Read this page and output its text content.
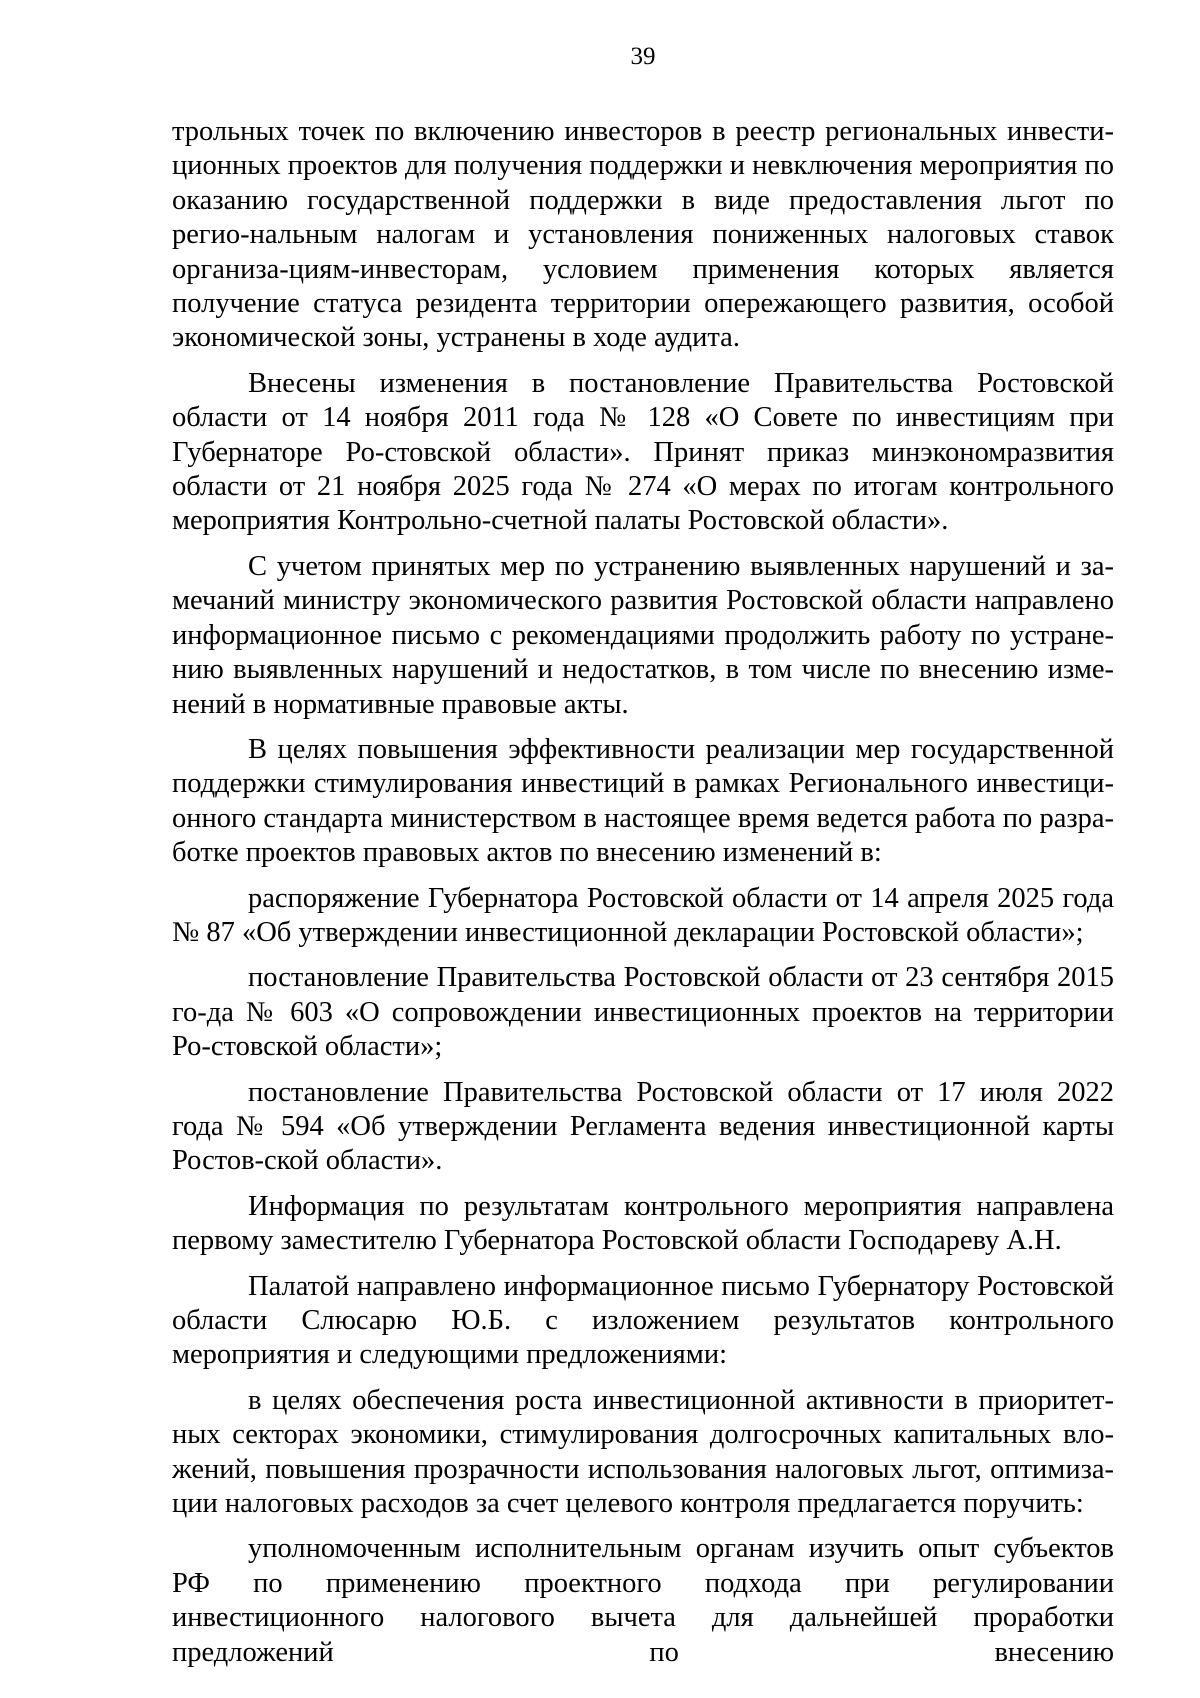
39

трольных точек по включению инвесторов в реестр региональных инвести-ционных проектов для получения поддержки и невключения мероприятия по оказанию государственной поддержки в виде предоставления льгот по регио-нальным налогам и установления пониженных налоговых ставок организа-циям-инвесторам, условием применения которых является получение статуса резидента территории опережающего развития, особой экономической зоны, устранены в ходе аудита.

Внесены изменения в постановление Правительства Ростовской области от 14 ноября 2011 года № 128 «О Совете по инвестициям при Губернаторе Ро-стовской области». Принят приказ минэкономразвития области от 21 ноября 2025 года № 274 «О мерах по итогам контрольного мероприятия Контрольно-счетной палаты Ростовской области».

С учетом принятых мер по устранению выявленных нарушений и за-мечаний министру экономического развития Ростовской области направлено информационное письмо с рекомендациями продолжить работу по устране-нию выявленных нарушений и недостатков, в том числе по внесению изме-нений в нормативные правовые акты.

В целях повышения эффективности реализации мер государственной поддержки стимулирования инвестиций в рамках Регионального инвестици-онного стандарта министерством в настоящее время ведется работа по разра-ботке проектов правовых актов по внесению изменений в:

распоряжение Губернатора Ростовской области от 14 апреля 2025 года № 87 «Об утверждении инвестиционной декларации Ростовской области»;

постановление Правительства Ростовской области от 23 сентября 2015 го-да № 603 «О сопровождении инвестиционных проектов на территории Ро-стовской области»;

постановление Правительства Ростовской области от 17 июля 2022 года № 594 «Об утверждении Регламента ведения инвестиционной карты Ростов-ской области».

Информация по результатам контрольного мероприятия направлена первому заместителю Губернатора Ростовской области Господареву А.Н.

Палатой направлено информационное письмо Губернатору Ростовской области Слюсарю Ю.Б. с изложением результатов контрольного мероприятия и следующими предложениями:

в целях обеспечения роста инвестиционной активности в приоритет-ных секторах экономики, стимулирования долгосрочных капитальных вло-жений, повышения прозрачности использования налоговых льгот, оптимиза-ции налоговых расходов за счет целевого контроля предлагается поручить:

уполномоченным исполнительным органам изучить опыт субъектов РФ по применению проектного подхода при регулировании инвестиционного налогового вычета для дальнейшей проработки предложений по внесению
